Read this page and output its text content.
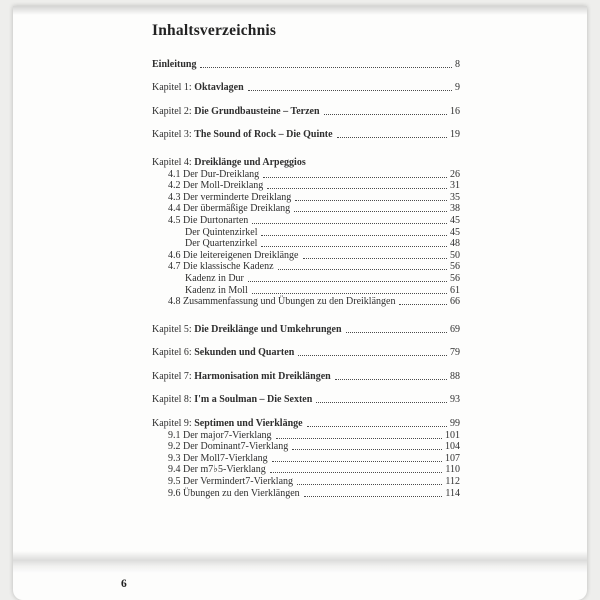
Inhaltsverzeichnis
Einleitung	8
Kapitel 1: Oktavlagen	9
Kapitel 2: Die Grundbausteine – Terzen	16
Kapitel 3: The Sound of Rock – Die Quinte	19
Kapitel 4: Dreiklänge und Arpeggios
4.1 Der Dur-Dreiklang	26
4.2 Der Moll-Dreiklang	31
4.3 Der verminderte Dreiklang	35
4.4 Der übermäßige Dreiklang	38
4.5 Die Durtonarten	45
Der Quintenzirkel	45
Der Quartenzirkel	48
4.6 Die leitereigenen Dreiklänge	50
4.7 Die klassische Kadenz	56
Kadenz in Dur	56
Kadenz in Moll	61
4.8 Zusammenfassung und Übungen zu den Dreiklängen	66
Kapitel 5: Die Dreiklänge und Umkehrungen	69
Kapitel 6: Sekunden und Quarten	79
Kapitel 7: Harmonisation mit Dreiklängen	88
Kapitel 8: I'm a Soulman – Die Sexten	93
Kapitel 9: Septimen und Vierklänge	99
9.1 Der major7-Vierklang	101
9.2 Der Dominant7-Vierklang	104
9.3 Der Moll7-Vierklang	107
9.4 Der m7♭5-Vierklang	110
9.5 Der Vermindert7-Vierklang	112
9.6 Übungen zu den Vierklängen	114
6
